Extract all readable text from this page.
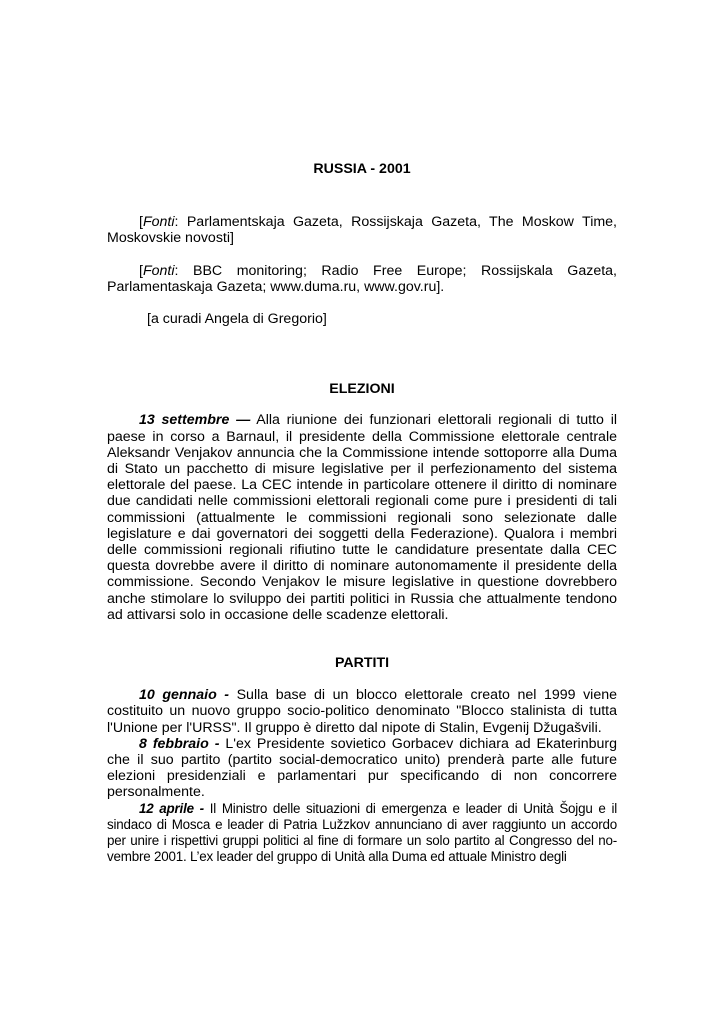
RUSSIA - 2001

[Fonti: Parlamentskaja Gazeta, Rossijskaja Gazeta, The Moskow Time, Moskovskie novosti]

[Fonti: BBC monitoring; Radio Free Europe; Rossijskala Gazeta, Parlamentaskaja Gazeta; www.duma.ru, www.gov.ru].

[a curadi Angela di Gregorio]

ELEZIONI

13 settembre — Alla riunione dei funzionari elettorali regionali di tutto il paese in corso a Barnaul, il presidente della Commissione elettorale centrale Aleksandr Venjakov annuncia che la Commissione intende sottoporre alla Duma di Stato un pacchetto di misure legislative per il perfezionamento del sistema elettorale del paese. La CEC intende in particolare ottenere il diritto di nominare due candidati nelle commissioni elettorali regionali come pure i presidenti di tali commissioni (attualmente le commissioni regionali sono selezionate dalle legislature e dai governatori dei soggetti della Federazione). Qualora i membri delle commissioni regionali rifiutino tutte le candidature presentate dalla CEC questa dovrebbe avere il diritto di nominare autonomamente il presidente della commissione. Secondo Venjakov le misure legislative in questione dovrebbero anche stimolare lo sviluppo dei partiti politici in Russia che attualmente tendono ad attivarsi solo in occasione delle scadenze elettorali.

PARTITI

10 gennaio - Sulla base di un blocco elettorale creato nel 1999 viene costituito un nuovo gruppo socio-politico denominato "Blocco stalinista di tutta l'Unione per l'URSS". Il gruppo è diretto dal nipote di Stalin, Evgenij Džugašvili.

8 febbraio - L'ex Presidente sovietico Gorbacev dichiara ad Ekaterinburg che il suo partito (partito social-democratico unito) prenderà parte alle future elezioni presidenziali e parlamentari pur specificando di non concorrere personalmente.

12 aprile - Il Ministro delle situazioni di emergenza e leader di Unità Šojgu e il sindaco di Mosca e leader di Patria Lužzkov annunciano di aver raggiunto un accordo per unire i rispettivi gruppi politici al fine di formare un solo partito al Congresso del no-vembre 2001. L’ex leader del gruppo di Unità alla Duma ed attuale Ministro degli
